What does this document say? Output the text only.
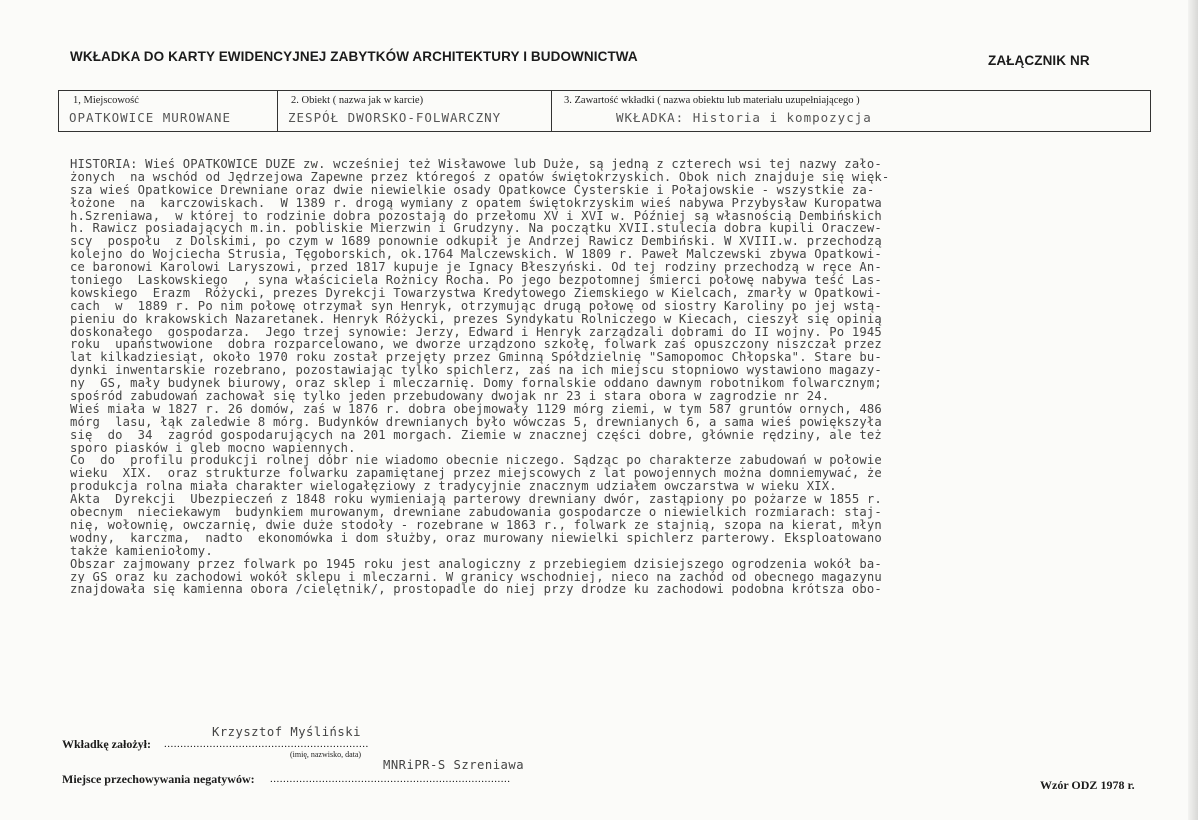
WKŁADKA DO KARTY EWIDENCYJNEJ ZABYTKÓW ARCHITEKTURY I BUDOWNICTWA	ZAŁĄCZNIK NR
1, Miejscowość
OPATKOWICE MUROWANE
2. Obiekt ( nazwa jak w karcie)
ZESPÓŁ DWORSKO-FOLWARCZNY
3. Zawartość wkładki ( nazwa obiektu lub materiału uzupełniającego )
WKŁADKA: Historia i kompozycja
HISTORIA: Wieś OPATKOWICE DUŻE zw. wcześniej też Wisławowe lub Duże, są jedną z czterech wsi tej nazwy zało-
żonych  na wschód od Jędrzejowa Zapewne przez któregoś z opatów świętokrzyskich. Obok nich znajduje się więk-
sza wieś Opatkowice Drewniane oraz dwie niewielkie osady Opatkowce Cysterskie i Połajowskie - wszystkie za-
łożone  na  karczowiskach.  W 1389 r. drogą wymiany z opatem świętokrzyskim wieś nabywa Przybysław Kuropatwa
h.Szreniawa,  w której to rodzinie dobra pozostają do przełomu XV i XVI w. Później są własnością Dembińskich
h. Rawicz posiadających m.in. pobliskie Mierzwin i Grudzyny. Na początku XVII.stulecia dobra kupili Oraczew-
scy  pospołu  z Dolskimi, po czym w 1689 ponownie odkupił je Andrzej Rawicz Dembiński. W XVIII.w. przechodzą
kolejno do Wojciecha Strusia, Tęgoborskich, ok.1764 Malczewskich. W 1809 r. Paweł Malczewski zbywa Opatkowi-
ce baronowi Karolowi Laryszowi, przed 1817 kupuje je Ignacy Błeszyński. Od tej rodziny przechodzą w ręce An-
toniego  Laskowskiego  , syna właściciela Rożnicy Rocha. Po jego bezpotomnej śmierci połowę nabywa teść Las-
kowskiego  Erazm  Różycki, prezes Dyrekcji Towarzystwa Kredytowego Ziemskiego w Kielcach, zmarły w Opatkowi-
cach  w  1889 r. Po nim połowę otrzymał syn Henryk, otrzymując drugą połowę od siostry Karoliny po jej wstą-
pieniu do krakowskich Nazaretanek. Henryk Różycki, prezes Syndykatu Rolniczego w Kiecach, cieszył się opinią
doskonałego  gospodarza.  Jego trzej synowie: Jerzy, Edward i Henryk zarządzali dobrami do II wojny. Po 1945
roku  upaństwowione  dobra rozparcelowano, we dworze urządzono szkołę, folwark zaś opuszczony niszczał przez
lat kilkadziesiąt, około 1970 roku został przejęty przez Gminną Spółdzielnię "Samopomoc Chłopska". Stare bu-
dynki inwentarskie rozebrano, pozostawiając tylko spichlerz, zaś na ich miejscu stopniowo wystawiono magazy-
ny  GS, mały budynek biurowy, oraz sklep i mleczarnię. Domy fornalskie oddano dawnym robotnikom folwarcznym;
spośród zabudowań zachował się tylko jeden przebudowany dwojak nr 23 i stara obora w zagrodzie nr 24.
Wieś miała w 1827 r. 26 domów, zaś w 1876 r. dobra obejmowały 1129 mórg ziemi, w tym 587 gruntów ornych, 486
mórg  lasu, łąk zaledwie 8 mórg. Budynków drewnianych było wówczas 5, drewnianych 6, a sama wieś powiększyła
się  do  34  zagród gospodarujących na 201 morgach. Ziemie w znacznej części dobre, głównie rędziny, ale też
sporo piasków i gleb mocno wapiennych.
Co  do  profilu produkcji rolnej dóbr nie wiadomo obecnie niczego. Sądząc po charakterze zabudowań w połowie
wieku  XIX.  oraz strukturze folwarku zapamiętanej przez miejscowych z lat powojennych można domniemywać, że
produkcja rolna miała charakter wielogałęziowy z tradycyjnie znacznym udziałem owczarstwa w wieku XIX.
Akta  Dyrekcji  Ubezpieczeń z 1848 roku wymieniają parterowy drewniany dwór, zastąpiony po pożarze w 1855 r.
obecnym  nieciekawym  budynkiem murowanym, drewniane zabudowania gospodarcze o niewielkich rozmiarach: staj-
nię, wołownię, owczarnię, dwie duże stodoły - rozebrane w 1863 r., folwark ze stajnią, szopa na kierat, młyn
wodny,  karczma,  nadto  ekonomówka i dom służby, oraz murowany niewielki spichlerz parterowy. Eksploatowano
także kamieniołomy.
Obszar zajmowany przez folwark po 1945 roku jest analogiczny z przebiegiem dzisiejszego ogrodzenia wokół ba-
zy GS oraz ku zachodowi wokół sklepu i mleczarni. W granicy wschodniej, nieco na zachód od obecnego magazynu
znajdowała się kamienna obora /cielętnik/, prostopadle do niej przy drodze ku zachodowi podobna krótsza obo-
Wkładkę założył: ...............................................................
Krzysztof Myśliński
(imię, nazwisko, data)
Miejsce przechowywania negatywów: ..........................................................................
MNRiPR-S Szreniawa
Wzór ODZ 1978 r.
